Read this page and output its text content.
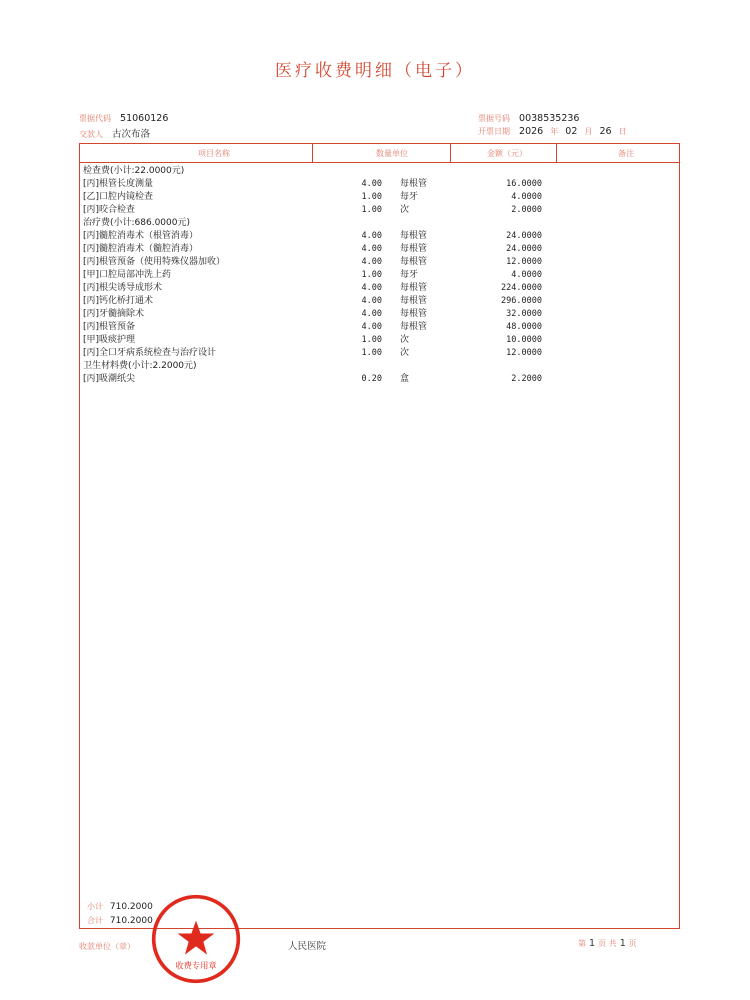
医疗收费明细（电子）
票据代码 51060126
交款人 古次布洛
票据号码 0038535236
开票日期 2026 年 02 月 26 日
项目名称	数量单位	金额（元）	备注
检查费(小计:22.0000元)
[丙]根管长度测量	4.00 每根管	16.0000
[乙]口腔内镜检查	1.00 每牙	4.0000
[丙]咬合检查	1.00 次	2.0000
治疗费(小计:686.0000元)
[丙]髓腔消毒术（根管消毒）	4.00 每根管	24.0000
[丙]髓腔消毒术（髓腔消毒）	4.00 每根管	24.0000
[丙]根管预备（使用特殊仪器加收）	4.00 每根管	12.0000
[甲]口腔局部冲洗上药	1.00 每牙	4.0000
[丙]根尖诱导成形术	4.00 每根管	224.0000
[丙]钙化桥打通术	4.00 每根管	296.0000
[丙]牙髓摘除术	4.00 每根管	32.0000
[丙]根管预备	4.00 每根管	48.0000
[甲]吸痰护理	1.00 次	10.0000
[丙]全口牙病系统检查与治疗设计	1.00 次	12.0000
卫生材料费(小计:2.2000元)
[丙]吸潮纸尖	0.20 盒	2.2000
小计 710.2000
合计 710.2000
收款单位（章）	人民医院	第 1 页 共 1 页
收费专用章
